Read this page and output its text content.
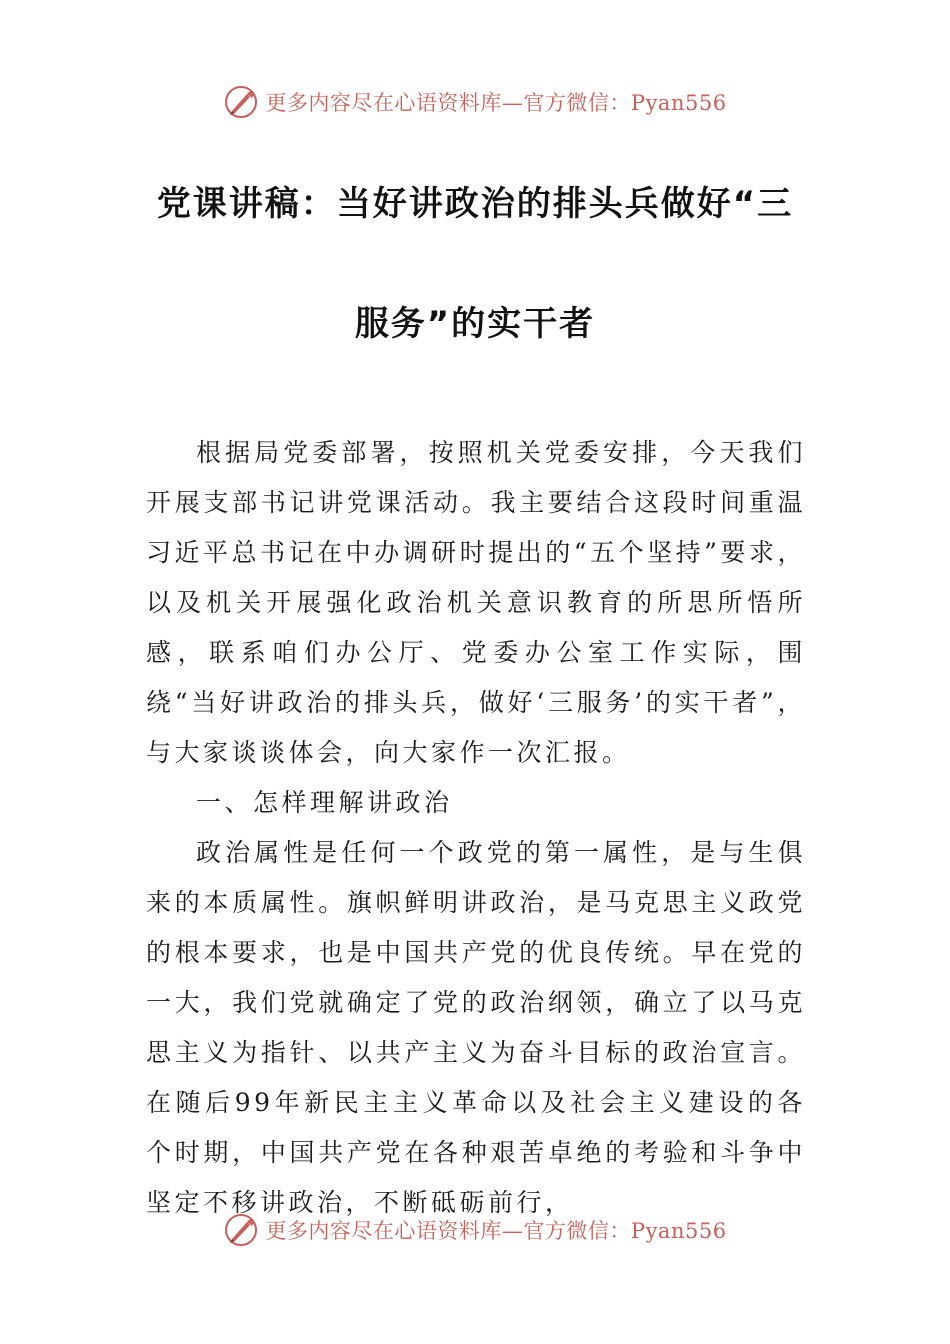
更多内容尽在心语资料库—官方微信：Pyan556
党课讲稿：当好讲政治的排头兵做好“三
服务”的实干者

根据局党委部署，按照机关党委安排，今天我们开展支部书记讲党课活动。我主要结合这段时间重温习近平总书记在中办调研时提出的“五个坚持”要求，以及机关开展强化政治机关意识教育的所思所悟所感，联系咱们办公厅、党委办公室工作实际，围绕“当好讲政治的排头兵，做好‘三服务’的实干者”，与大家谈谈体会，向大家作一次汇报。

一、怎样理解讲政治

政治属性是任何一个政党的第一属性，是与生俱来的本质属性。旗帜鲜明讲政治，是马克思主义政党的根本要求，也是中国共产党的优良传统。早在党的一大，我们党就确定了党的政治纲领，确立了以马克思主义为指针、以共产主义为奋斗目标的政治宣言。在随后99年新民主主义革命以及社会主义建设的各个时期，中国共产党在各种艰苦卓绝的考验和斗争中坚定不移讲政治，不断砥砺前行，

更多内容尽在心语资料库—官方微信：Pyan556
